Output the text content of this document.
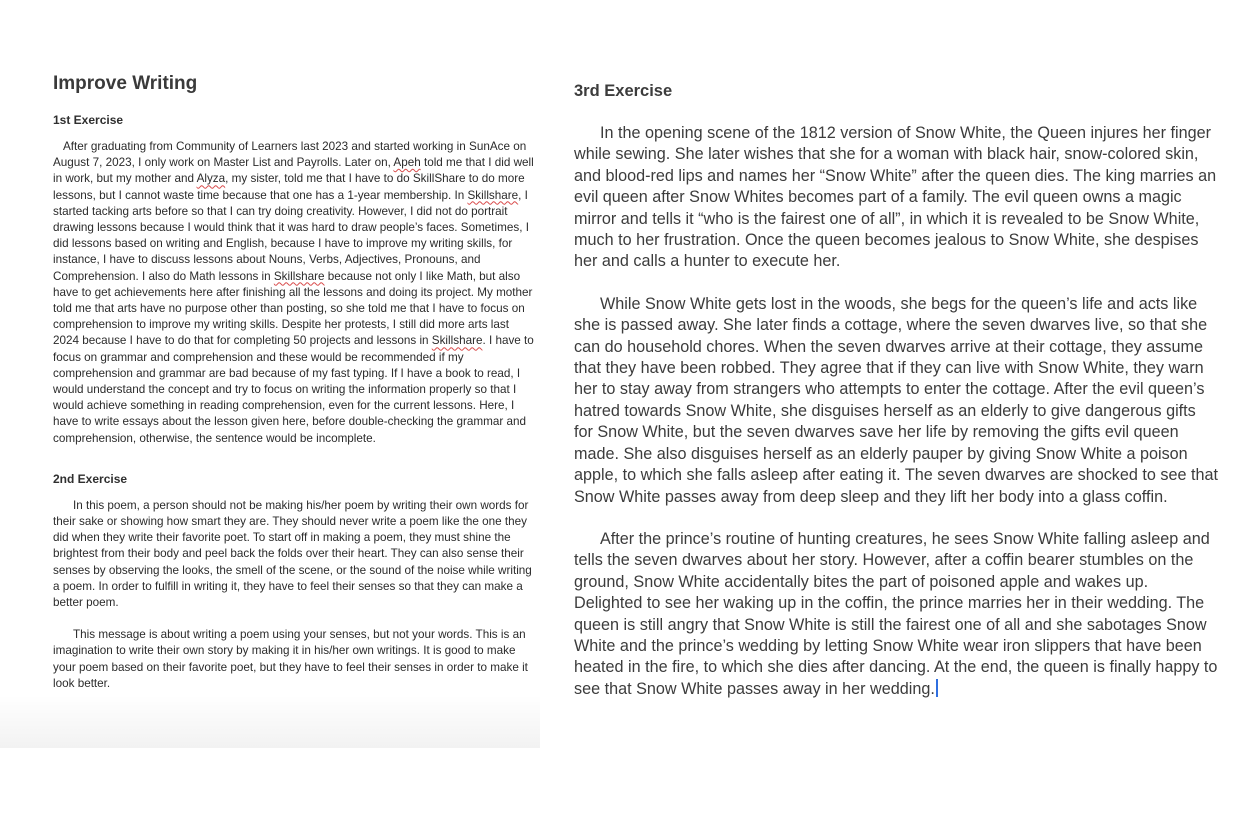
Improve Writing
1st Exercise

After graduating from Community of Learners last 2023 and started working in SunAce on August 7, 2023, I only work on Master List and Payrolls. Later on, Apeh told me that I did well in work, but my mother and Alyza, my sister, told me that I have to do SkillShare to do more lessons, but I cannot waste time because that one has a 1-year membership. In Skillshare, I started tacking arts before so that I can try doing creativity. However, I did not do portrait drawing lessons because I would think that it was hard to draw people’s faces. Sometimes, I did lessons based on writing and English, because I have to improve my writing skills, for instance, I have to discuss lessons about Nouns, Verbs, Adjectives, Pronouns, and Comprehension. I also do Math lessons in Skillshare because not only I like Math, but also have to get achievements here after finishing all the lessons and doing its project. My mother told me that arts have no purpose other than posting, so she told me that I have to focus on comprehension to improve my writing skills. Despite her protests, I still did more arts last 2024 because I have to do that for completing 50 projects and lessons in Skillshare. I have to focus on grammar and comprehension and these would be recommended if my comprehension and grammar are bad because of my fast typing. If I have a book to read, I would understand the concept and try to focus on writing the information properly so that I would achieve something in reading comprehension, even for the current lessons. Here, I have to write essays about the lesson given here, before double-checking the grammar and comprehension, otherwise, the sentence would be incomplete.

2nd Exercise

In this poem, a person should not be making his/her poem by writing their own words for their sake or showing how smart they are. They should never write a poem like the one they did when they write their favorite poet. To start off in making a poem, they must shine the brightest from their body and peel back the folds over their heart. They can also sense their senses by observing the looks, the smell of the scene, or the sound of the noise while writing a poem. In order to fulfill in writing it, they have to feel their senses so that they can make a better poem.

This message is about writing a poem using your senses, but not your words. This is an imagination to write their own story by making it in his/her own writings. It is good to make your poem based on their favorite poet, but they have to feel their senses in order to make it look better.

3rd Exercise

In the opening scene of the 1812 version of Snow White, the Queen injures her finger while sewing. She later wishes that she for a woman with black hair, snow-colored skin, and blood-red lips and names her “Snow White” after the queen dies. The king marries an evil queen after Snow Whites becomes part of a family. The evil queen owns a magic mirror and tells it “who is the fairest one of all”, in which it is revealed to be Snow White, much to her frustration. Once the queen becomes jealous to Snow White, she despises her and calls a hunter to execute her.

While Snow White gets lost in the woods, she begs for the queen’s life and acts like she is passed away. She later finds a cottage, where the seven dwarves live, so that she can do household chores. When the seven dwarves arrive at their cottage, they assume that they have been robbed. They agree that if they can live with Snow White, they warn her to stay away from strangers who attempts to enter the cottage. After the evil queen’s hatred towards Snow White, she disguises herself as an elderly to give dangerous gifts for Snow White, but the seven dwarves save her life by removing the gifts evil queen made. She also disguises herself as an elderly pauper by giving Snow White a poison apple, to which she falls asleep after eating it. The seven dwarves are shocked to see that Snow White passes away from deep sleep and they lift her body into a glass coffin.

After the prince’s routine of hunting creatures, he sees Snow White falling asleep and tells the seven dwarves about her story. However, after a coffin bearer stumbles on the ground, Snow White accidentally bites the part of poisoned apple and wakes up. Delighted to see her waking up in the coffin, the prince marries her in their wedding. The queen is still angry that Snow White is still the fairest one of all and she sabotages Snow White and the prince’s wedding by letting Snow White wear iron slippers that have been heated in the fire, to which she dies after dancing. At the end, the queen is finally happy to see that Snow White passes away in her wedding.
